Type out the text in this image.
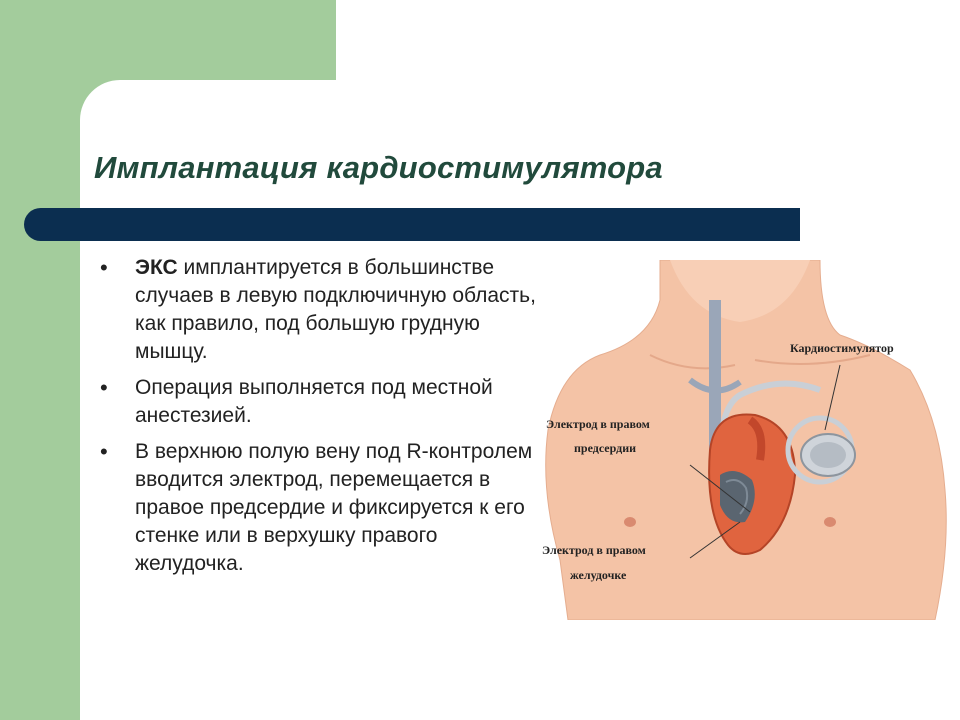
Имплантация кардиостимулятора
• ЭКС имплантируется в большинстве случаев в левую подключичную область, как правило, под большую грудную мышцу.
• Операция выполняется под местной анестезией.
• В верхнюю полую вену под R-контролем вводится электрод, перемещается в правое предсердие и фиксируется к его стенке или в верхушку правого желудочка.
Кардиостимулятор
Электрод в правом
предсердии
Электрод в правом
желудочке
